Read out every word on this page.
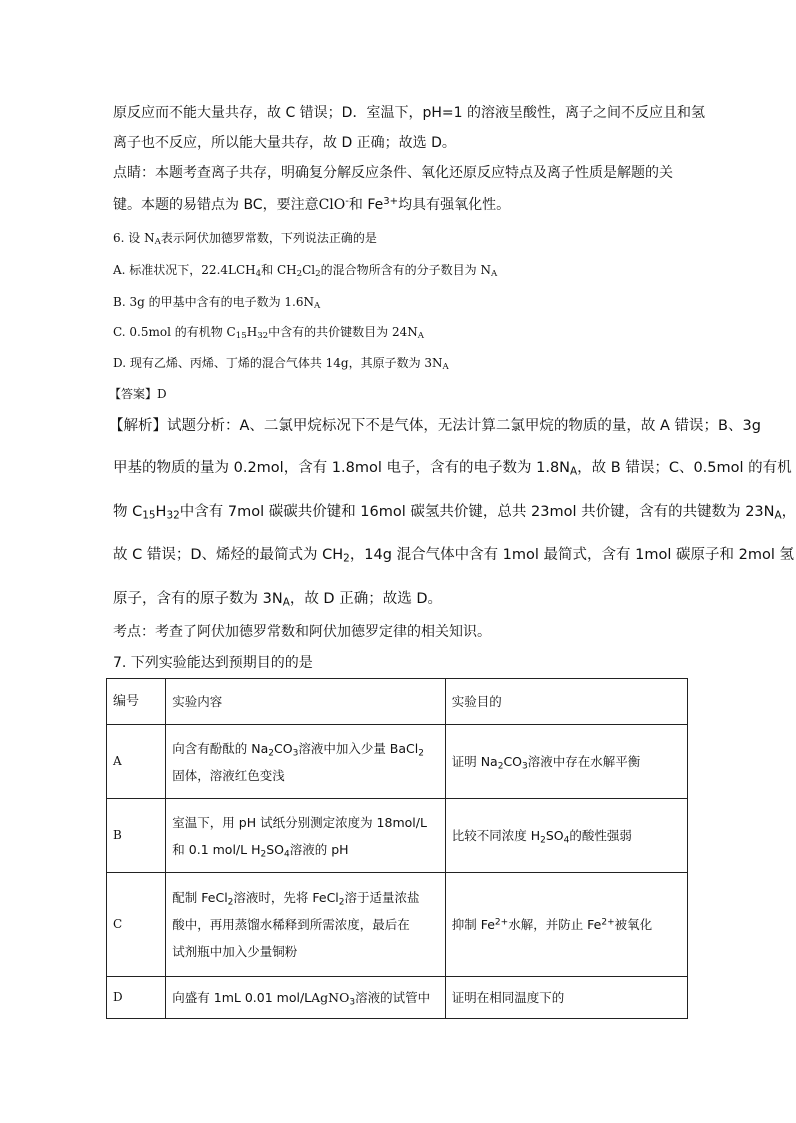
原反应而不能大量共存，故 C 错误；D．室温下，pH=1 的溶液呈酸性，离子之间不反应且和氢
离子也不反应，所以能大量共存，故 D 正确；故选 D。
点睛：本题考查离子共存，明确复分解反应条件、氧化还原反应特点及离子性质是解题的关
键。本题的易错点为 BC，要注意ClO-和 $Fe^{3+}$均具有强氧化性。
6. 设 $N_A$表示阿伏加德罗常数，下列说法正确的是
A. 标准状况下，$22.4LCH_4$和 $CH_2Cl_2$的混合物所含有的分子数目为 $N_A$
B. 3g 的甲基中含有的电子数为 $1.6N_A$
C. 0.5mol 的有机物 $C_{15}H_{32}$中含有的共价键数目为 $24N_A$
D. 现有乙烯、丙烯、丁烯的混合气体共 14g，其原子数为 $3N_A$
【答案】D
【解析】试题分析：A、二氯甲烷标况下不是气体，无法计算二氯甲烷的物质的量，故 A 错误；B、3g
甲基的物质的量为 0.2mol，含有 1.8mol 电子，含有的电子数为 $1.8N_A$，故 B 错误；C、0.5mol 的有机
物 $C_{15}H_{32}$中含有 7mol 碳碳共价键和 16mol 碳氢共价键，总共 23mol 共价键，含有的共键数为 $23N_A$，
故 C 错误；D、烯烃的最简式为 $CH_2$，14g 混合气体中含有 1mol 最简式，含有 1mol 碳原子和 2mol 氢
原子，含有的原子数为 $3N_A$，故 D 正确；故选 D。
考点：考查了阿伏加德罗常数和阿伏加德罗定律的相关知识。
7. 下列实验能达到预期目的的是
编号	实验内容	实验目的
A	向含有酚酞的 $Na_2CO_3$溶液中加入少量 BaCl$_2$
固体，溶液红色变浅	证明 $Na_2CO_3$溶液中存在水解平衡
B	室温下，用 pH 试纸分别测定浓度为 18mol/L
和 0.1 mol/L $H_2SO_4$溶液的 pH	比较不同浓度 $H_2SO_4$的酸性强弱
C	配制 FeCl$_2$溶液时，先将 FeCl$_2$溶于适量浓盐
酸中，再用蒸馏水稀释到所需浓度，最后在
试剂瓶中加入少量铜粉	抑制 $Fe^{2+}$水解，并防止 $Fe^{2+}$被氧化
D	向盛有 1mL 0.01 mol/LAgNO$_3$溶液的试管中	证明在相同温度下的
